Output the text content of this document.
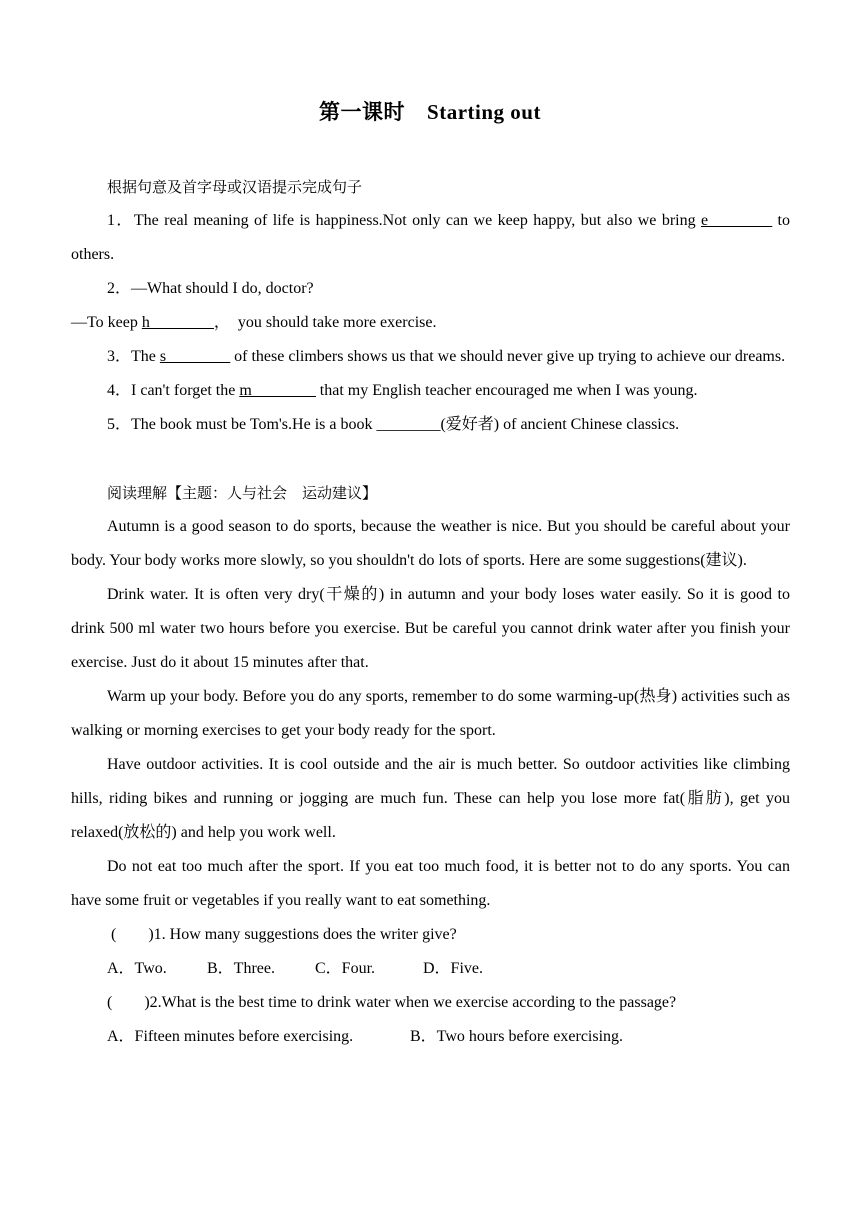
第一课时 Starting out

根据句意及首字母或汉语提示完成句子

1．The real meaning of life is happiness.Not only can we keep happy, but also we bring e________ to others.

2．—What should I do, doctor?

—To keep h________，  you should take more exercise.

3．The s________ of these climbers shows us that we should never give up trying to achieve our dreams.

4．I can't forget the m________ that my English teacher encouraged me when I was young.

5．The book must be Tom's.He is a book ________(爱好者) of ancient Chinese classics.

阅读理解【主题：人与社会　运动建议】

Autumn is a good season to do sports, because the weather is nice. But you should be careful about your body. Your body works more slowly, so you shouldn't do lots of sports. Here are some suggestions(建议).

Drink water. It is often very dry(干燥的) in autumn and your body loses water easily. So it is good to drink 500 ml water two hours before you exercise. But be careful you cannot drink water after you finish your exercise. Just do it about 15 minutes after that.

Warm up your body. Before you do any sports, remember to do some warming-up(热身) activities such as walking or morning exercises to get your body ready for the sport.

Have outdoor activities. It is cool outside and the air is much better. So outdoor activities like climbing hills, riding bikes and running or jogging are much fun. These can help you lose more fat(脂肪), get you relaxed(放松的) and help you work well.

Do not eat too much after the sport. If you eat too much food, it is better not to do any sports. You can have some fruit or vegetables if you really want to eat something.

(　　)1. How many suggestions does the writer give?

A．Two.	B．Three.	C．Four.	D．Five.

(　　)2.What is the best time to drink water when we exercise according to the passage?

A．Fifteen minutes before exercising.	B．Two hours before exercising.
